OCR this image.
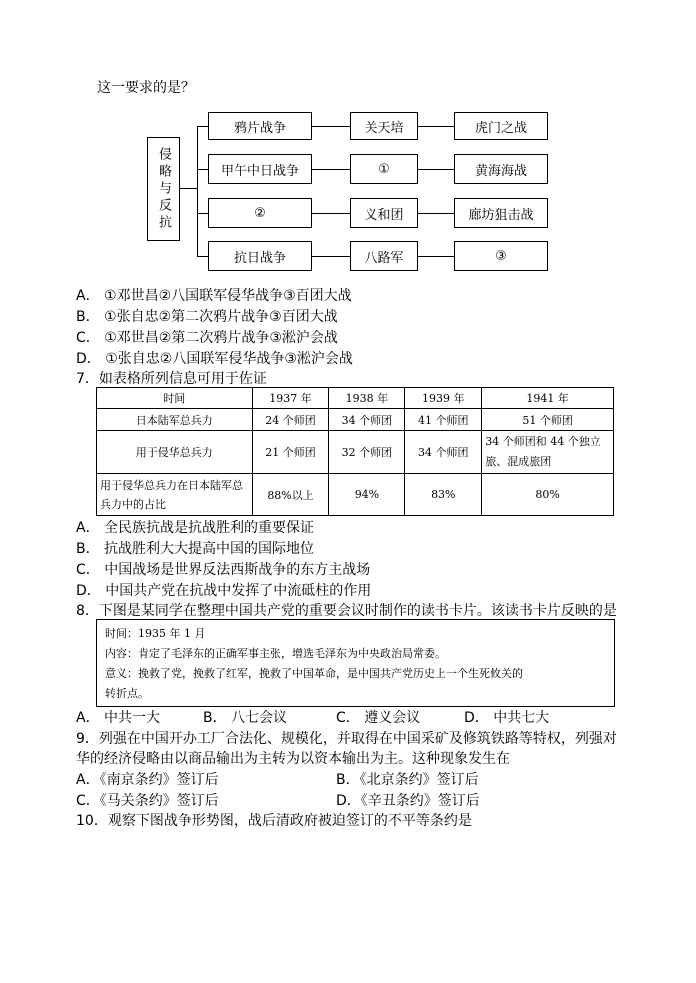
这一要求的是？
侵略与反抗
鸦片战争	关天培	虎门之战
甲午中日战争	①	黄海海战
②	义和团	廊坊狙击战
抗日战争	八路军	③
A． ①邓世昌②八国联军侵华战争③百团大战
B． ①张自忠②第二次鸦片战争③百团大战
C． ①邓世昌②第二次鸦片战争③淞沪会战
D． ①张自忠②八国联军侵华战争③淞沪会战
7．如表格所列信息可用于佐证
时间	1937 年	1938 年	1939 年	1941 年
日本陆军总兵力	24 个师团	34 个师团	41 个师团	51 个师团
用于侵华总兵力	21 个师团	32 个师团	34 个师团	34 个师团和 44 个独立旅、混成旅团
用于侵华总兵力在日本陆军总兵力中的占比	88%以上	94%	83%	80%
A． 全民族抗战是抗战胜利的重要保证
B． 抗战胜利大大提高中国的国际地位
C． 中国战场是世界反法西斯战争的东方主战场
D． 中国共产党在抗战中发挥了中流砥柱的作用
8．下图是某同学在整理中国共产党的重要会议时制作的读书卡片。该读书卡片反映的是
时间：1935 年 1 月
内容：肯定了毛泽东的正确军事主张，增选毛泽东为中央政治局常委。
意义：挽救了党，挽救了红军，挽救了中国革命，是中国共产党历史上一个生死攸关的
转折点。
A． 中共一大	B． 八七会议	C． 遵义会议	D． 中共七大
9．列强在中国开办工厂合法化、规模化，并取得在中国采矿及修筑铁路等特权，列强对
华的经济侵略由以商品输出为主转为以资本输出为主。这种现象发生在
A．《南京条约》签订后	B．《北京条约》签订后
C．《马关条约》签订后	D．《辛丑条约》签订后
10．观察下图战争形势图，战后清政府被迫签订的不平等条约是
